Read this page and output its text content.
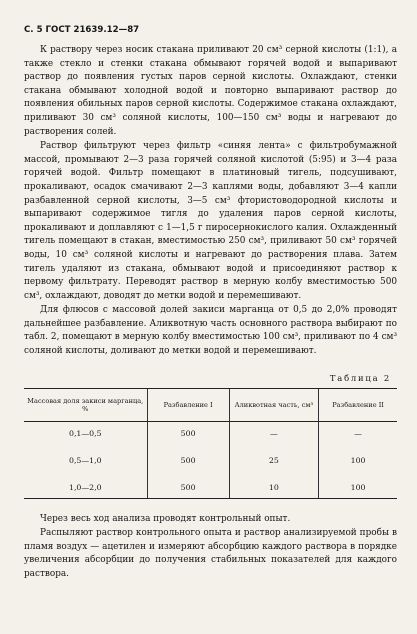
С. 5 ГОСТ 21639.12—87

К раствору через носик стакана приливают 20 см³ серной кислоты (1:1), а также стекло и стенки стакана обмывают горячей водой и выпаривают раствор до появления густых паров серной кислоты. Охлаждают, стенки стакана обмывают холодной водой и повторно выпаривают раствор до появления обильных паров серной кислоты. Содержимое стакана охлаждают, приливают 30 см³ соляной кислоты, 100—150 см³ воды и нагревают до растворения солей.

Раствор фильтруют через фильтр «синяя лента» с фильтробумажной массой, промывают 2—3 раза горячей соляной кислотой (5:95) и 3—4 раза горячей водой. Фильтр помещают в платиновый тигель, подсушивают, прокаливают, осадок смачивают 2—3 каплями воды, добавляют 3—4 капли разбавленной серной кислоты, 3—5 см³ фтористоводородной кислоты и выпаривают содержимое тигля до удаления паров серной кислоты, прокаливают и доплавляют с 1—1,5 г пиросернокислого калия. Охлажденный тигель помещают в стакан, вместимостью 250 см³, приливают 50 см³ горячей воды, 10 см³ соляной кислоты и нагревают до растворения плава. Затем тигель удаляют из стакана, обмывают водой и присоединяют раствор к первому фильтрату. Переводят раствор в мерную колбу вместимостью 500 см³, охлаждают, доводят до метки водой и перемешивают.

Для флюсов с массовой долей закиси марганца от 0,5 до 2,0% проводят дальнейшее разбавление. Аликвотную часть основного раствора выбирают по табл. 2, помещают в мерную колбу вместимостью 100 см³, приливают по 4 см³ соляной кислоты, доливают до метки водой и перемешивают.

Таблица 2
Массовая доля закиси марганца, %	Разбавление I	Аликвотная часть, см³	Разбавление II
0,1—0,5	500	—	—
0,5—1,0	500	25	100
1,0—2,0	500	10	100

Через весь ход анализа проводят контрольный опыт.

Распыляют раствор контрольного опыта и раствор анализируемой пробы в пламя воздух — ацетилен и измеряют абсорбцию каждого раствора в порядке увеличения абсорбции до получения стабильных показателей для каждого раствора.
